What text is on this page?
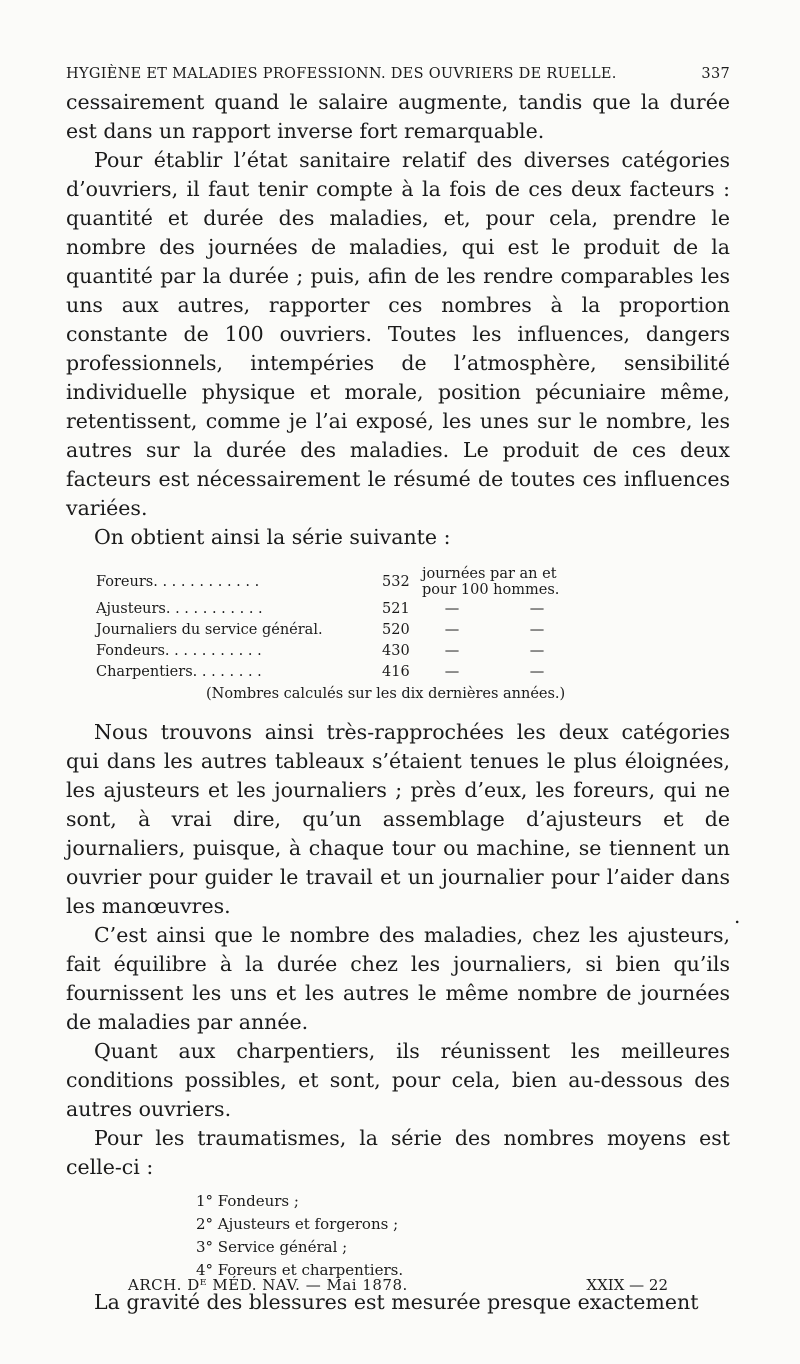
HYGIÈNE ET MALADIES PROFESSIONN. DES OUVRIERS DE RUELLE.	337

cessairement quand le salaire augmente, tandis que la durée est dans un rapport inverse fort remarquable.

Pour établir l’état sanitaire relatif des diverses catégories d’ouvriers, il faut tenir compte à la fois de ces deux facteurs : quantité et durée des maladies, et, pour cela, prendre le nombre des journées de maladies, qui est le produit de la quantité par la durée ; puis, afin de les rendre comparables les uns aux autres, rapporter ces nombres à la proportion constante de 100 ouvriers. Toutes les influences, dangers professionnels, intempéries de l’atmosphère, sensibilité individuelle physique et morale, position pécuniaire même, retentissent, comme je l’ai exposé, les unes sur le nombre, les autres sur la durée des maladies. Le produit de ces deux facteurs est nécessairement le résumé de toutes ces influences variées.

On obtient ainsi la série suivante :

Foreurs. . . . . . . . . . . .	532	journées par an et pour 100 hommes.	
Ajusteurs. . . . . . . . . . .	521	—	—
Journaliers du service général.	520	—	—
Fondeurs. . . . . . . . . . .	430	—	—
Charpentiers. . . . . . . .	416	—	—
(Nombres calculés sur les dix dernières années.)

Nous trouvons ainsi très-rapprochées les deux catégories qui dans les autres tableaux s’étaient tenues le plus éloignées, les ajusteurs et les journaliers ; près d’eux, les foreurs, qui ne sont, à vrai dire, qu’un assemblage d’ajusteurs et de journaliers, puisque, à chaque tour ou machine, se tiennent un ouvrier pour guider le travail et un journalier pour l’aider dans les manœuvres.

C’est ainsi que le nombre des maladies, chez les ajusteurs, fait équilibre à la durée chez les journaliers, si bien qu’ils fournissent les uns et les autres le même nombre de journées de maladies par année.

Quant aux charpentiers, ils réunissent les meilleures conditions possibles, et sont, pour cela, bien au-dessous des autres ouvriers.

Pour les traumatismes, la série des nombres moyens est celle-ci :

1° Fondeurs ;
2° Ajusteurs et forgerons ;
3° Service général ;
4° Foreurs et charpentiers.

La gravité des blessures est mesurée presque exactement

.
ARCH. Dᴱ MÉD. NAV. — Mai 1878.	XXIX — 22
